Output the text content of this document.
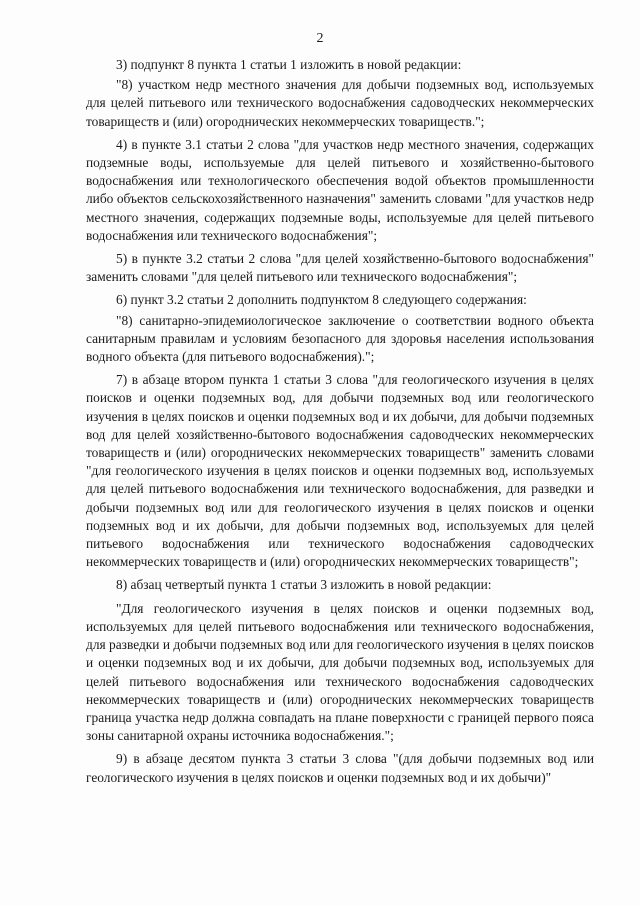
2

3) подпункт 8 пункта 1 статьи 1 изложить в новой редакции:

"8) участком недр местного значения для добычи подземных вод, используемых для целей питьевого или технического водоснабжения садоводческих некоммерческих товариществ и (или) огороднических некоммерческих товариществ.";

4) в пункте 3.1 статьи 2 слова "для участков недр местного значения, содержащих подземные воды, используемые для целей питьевого и хозяйственно-бытового водоснабжения или технологического обеспечения водой объектов промышленности либо объектов сельскохозяйственного назначения" заменить словами "для участков недр местного значения, содержащих подземные воды, используемые для целей питьевого водоснабжения или технического водоснабжения";

5) в пункте 3.2 статьи 2 слова "для целей хозяйственно-бытового водоснабжения" заменить словами "для целей питьевого или технического водоснабжения";

6) пункт 3.2 статьи 2 дополнить подпунктом 8 следующего содержания:

"8) санитарно-эпидемиологическое заключение о соответствии водного объекта санитарным правилам и условиям безопасного для здоровья населения использования водного объекта (для питьевого водоснабжения).";

7) в абзаце втором пункта 1 статьи 3 слова "для геологического изучения в целях поисков и оценки подземных вод, для добычи подземных вод или геологического изучения в целях поисков и оценки подземных вод и их добычи, для добычи подземных вод для целей хозяйственно-бытового водоснабжения садоводческих некоммерческих товариществ и (или) огороднических некоммерческих товариществ" заменить словами "для геологического изучения в целях поисков и оценки подземных вод, используемых для целей питьевого водоснабжения или технического водоснабжения, для разведки и добычи подземных вод или для геологического изучения в целях поисков и оценки подземных вод и их добычи, для добычи подземных вод, используемых для целей питьевого водоснабжения или технического водоснабжения садоводческих некоммерческих товариществ и (или) огороднических некоммерческих товариществ";

8) абзац четвертый пункта 1 статьи 3 изложить в новой редакции:

"Для геологического изучения в целях поисков и оценки подземных вод, используемых для целей питьевого водоснабжения или технического водоснабжения, для разведки и добычи подземных вод или для геологического изучения в целях поисков и оценки подземных вод и их добычи, для добычи подземных вод, используемых для целей питьевого водоснабжения или технического водоснабжения садоводческих некоммерческих товариществ и (или) огороднических некоммерческих товариществ граница участка недр должна совпадать на плане поверхности с границей первого пояса зоны санитарной охраны источника водоснабжения.";

9) в абзаце десятом пункта 3 статьи 3 слова "(для добычи подземных вод или геологического изучения в целях поисков и оценки подземных вод и их добычи)"
